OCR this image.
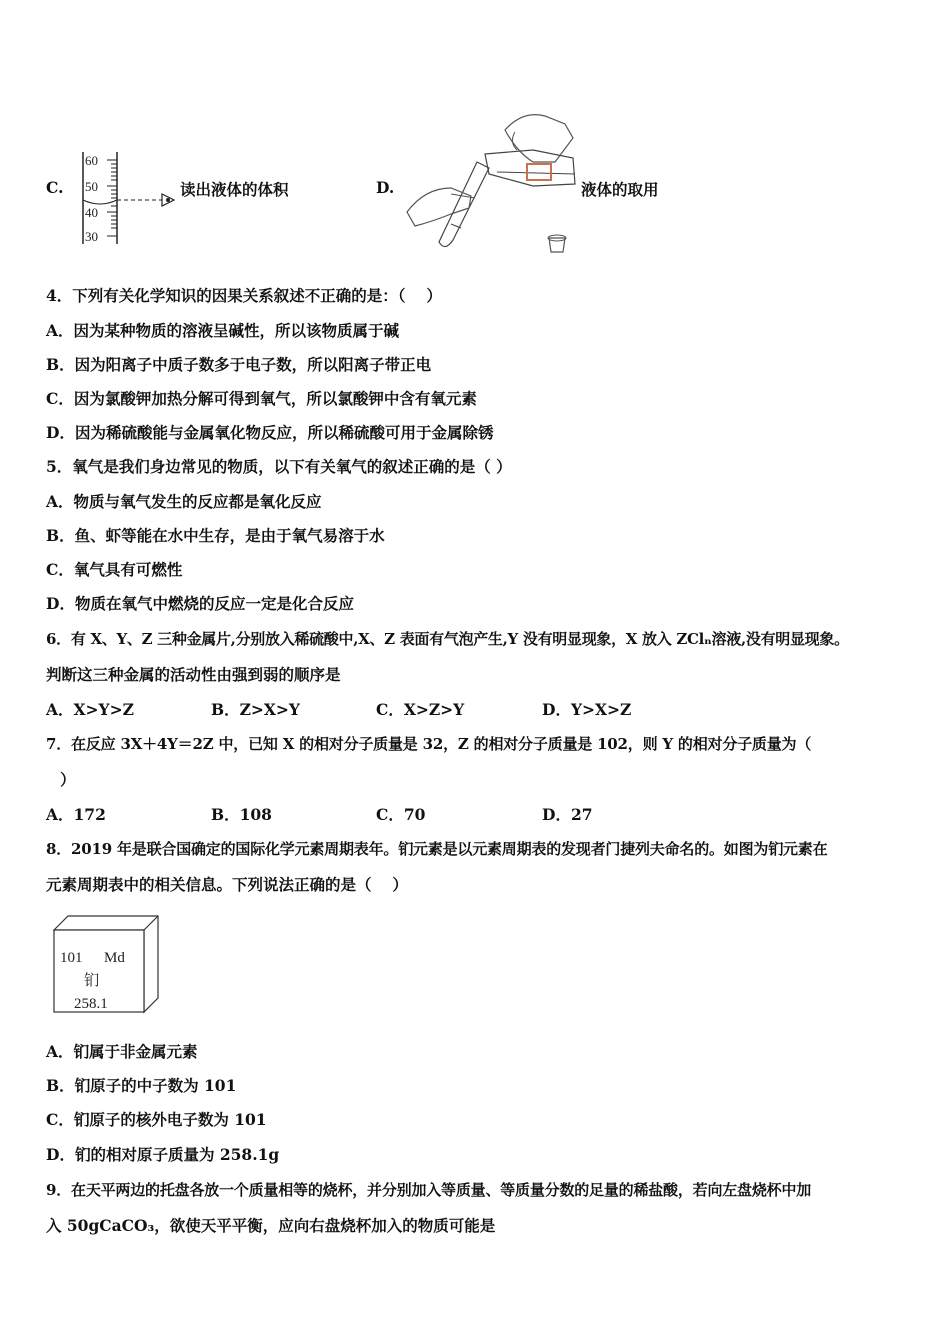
C.
60
50
40
30
读出液体的体积	D.	液体的取用
4．下列有关化学知识的因果关系叙述不正确的是：（　 ）
A．因为某种物质的溶液呈碱性，所以该物质属于碱
B．因为阳离子中质子数多于电子数，所以阳离子带正电
C．因为氯酸钾加热分解可得到氧气，所以氯酸钾中含有氧元素
D．因为稀硫酸能与金属氧化物反应，所以稀硫酸可用于金属除锈
5．氧气是我们身边常见的物质，以下有关氧气的叙述正确的是（ ）
A．物质与氧气发生的反应都是氧化反应
B．鱼、虾等能在水中生存，是由于氧气易溶于水
C．氧气具有可燃性
D．物质在氧气中燃烧的反应一定是化合反应
6．有 X、Y、Z 三种金属片,分别放入稀硫酸中,X、Z 表面有气泡产生,Y 没有明显现象，X 放入 ZClₙ溶液,没有明显现象。
判断这三种金属的活动性由强到弱的顺序是
A．X>Y>Z	B．Z>X>Y	C．X>Z>Y	D．Y>X>Z
7．在反应 3X＋4Y＝2Z 中，已知 X 的相对分子质量是 32，Z 的相对分子质量是 102，则 Y 的相对分子质量为（
）
A．172	B．108	C．70	D．27
8．2019 年是联合国确定的国际化学元素周期表年。钔元素是以元素周期表的发现者门捷列夫命名的。如图为钔元素在
元素周期表中的相关信息。下列说法正确的是（　 ）
101 Md
钔
258.1
A．钔属于非金属元素
B．钔原子的中子数为 101
C．钔原子的核外电子数为 101
D．钔的相对原子质量为 258.1g
9．在天平两边的托盘各放一个质量相等的烧杯，并分别加入等质量、等质量分数的足量的稀盐酸，若向左盘烧杯中加
入 50gCaCO₃，欲使天平平衡，应向右盘烧杯加入的物质可能是
